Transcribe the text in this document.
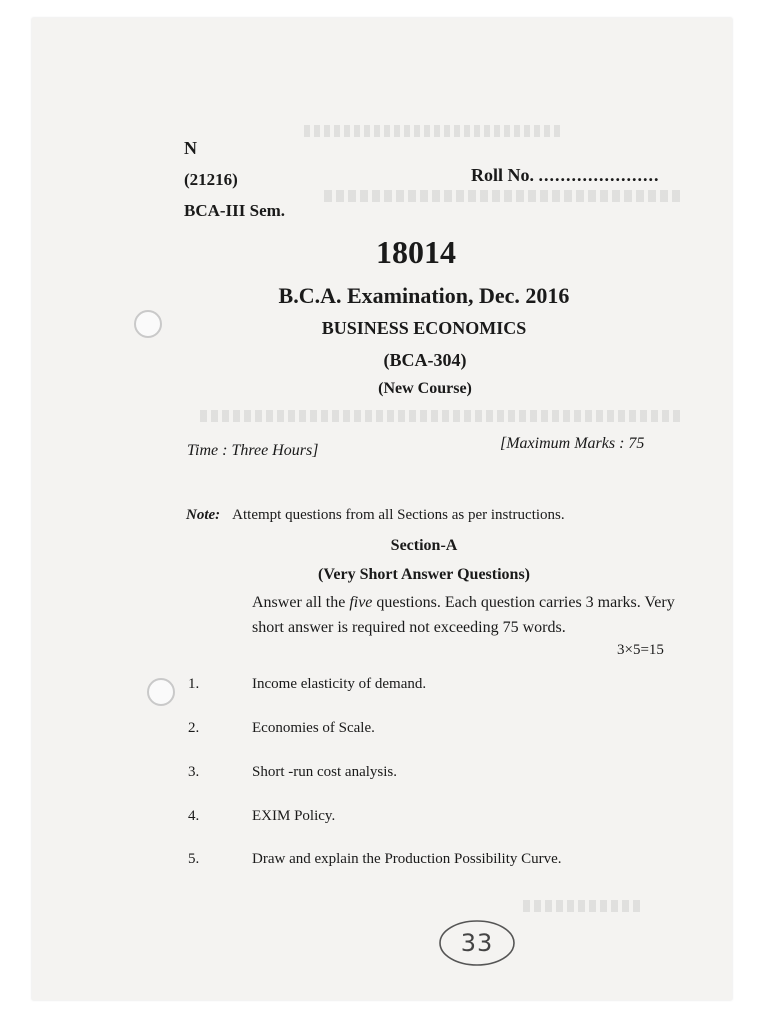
N
(21216)	Roll No. ......................
BCA-III Sem.
18014
B.C.A. Examination, Dec. 2016
BUSINESS ECONOMICS
(BCA-304)
(New Course)
Time : Three Hours]	[Maximum Marks : 75
Note: Attempt questions from all Sections as per instructions.
Section-A
(Very Short Answer Questions)
Answer all the five questions. Each question carries 3 marks. Very short answer is required not exceeding 75 words.
3×5=15
1.	Income elasticity of demand.
2.	Economies of Scale.
3.	Short -run cost analysis.
4.	EXIM Policy.
5.	Draw and explain the Production Possibility Curve.
33
